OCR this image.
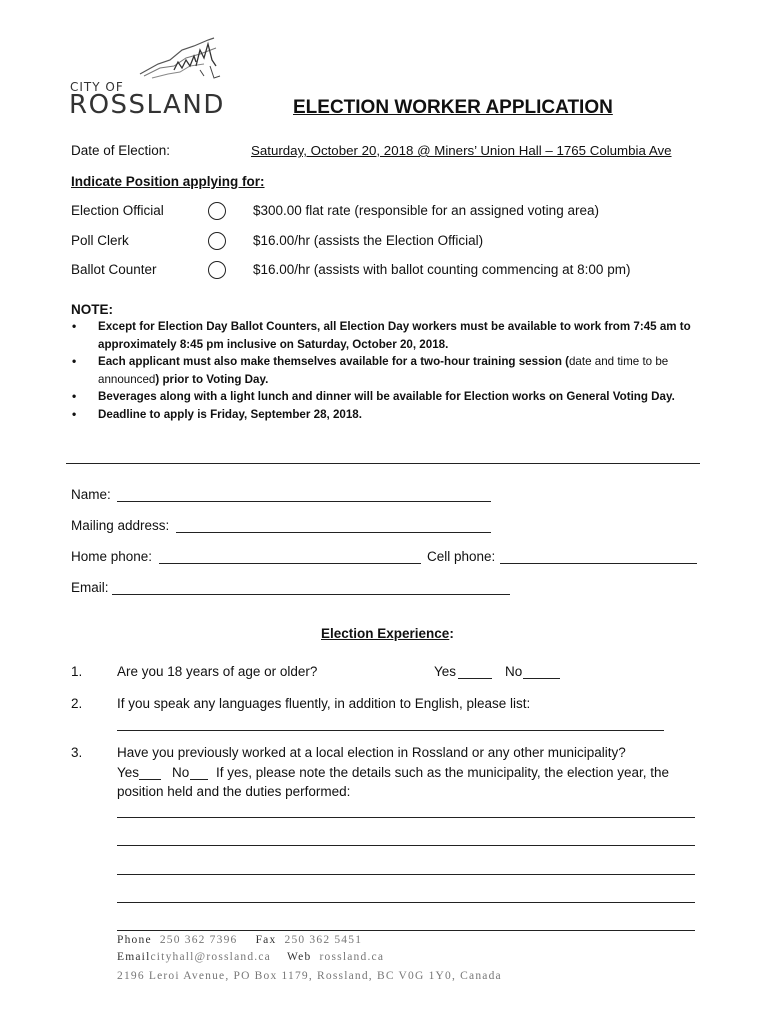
CITY OF
ROSSLAND	ELECTION WORKER APPLICATION
Date of Election:	Saturday, October 20, 2018 @ Miners’ Union Hall – 1765 Columbia Ave
Indicate Position applying for:
Election Official	$300.00 flat rate (responsible for an assigned voting area)
Poll Clerk	$16.00/hr (assists the Election Official)
Ballot Counter	$16.00/hr (assists with ballot counting commencing at 8:00 pm)
NOTE:
• Except for Election Day Ballot Counters, all Election Day workers must be available to work from 7:45 am to approximately 8:45 pm inclusive on Saturday, October 20, 2018.
• Each applicant must also make themselves available for a two-hour training session (date and time to be announced) prior to Voting Day.
• Beverages along with a light lunch and dinner will be available for Election works on General Voting Day.
• Deadline to apply is Friday, September 28, 2018.
Name:
Mailing address:
Home phone:	Cell phone:
Email:
Election Experience:
1.	Are you 18 years of age or older?	Yes	No
2.	If you speak any languages fluently, in addition to English, please list:
3.	Have you previously worked at a local election in Rossland or any other municipality?
Yes No If yes, please note the details such as the municipality, the election year, the
position held and the duties performed:
Phone 250 362 7396 Fax 250 362 5451
Emailcityhall@rossland.ca Web rossland.ca
2196 Leroi Avenue, PO Box 1179, Rossland, BC V0G 1Y0, Canada
